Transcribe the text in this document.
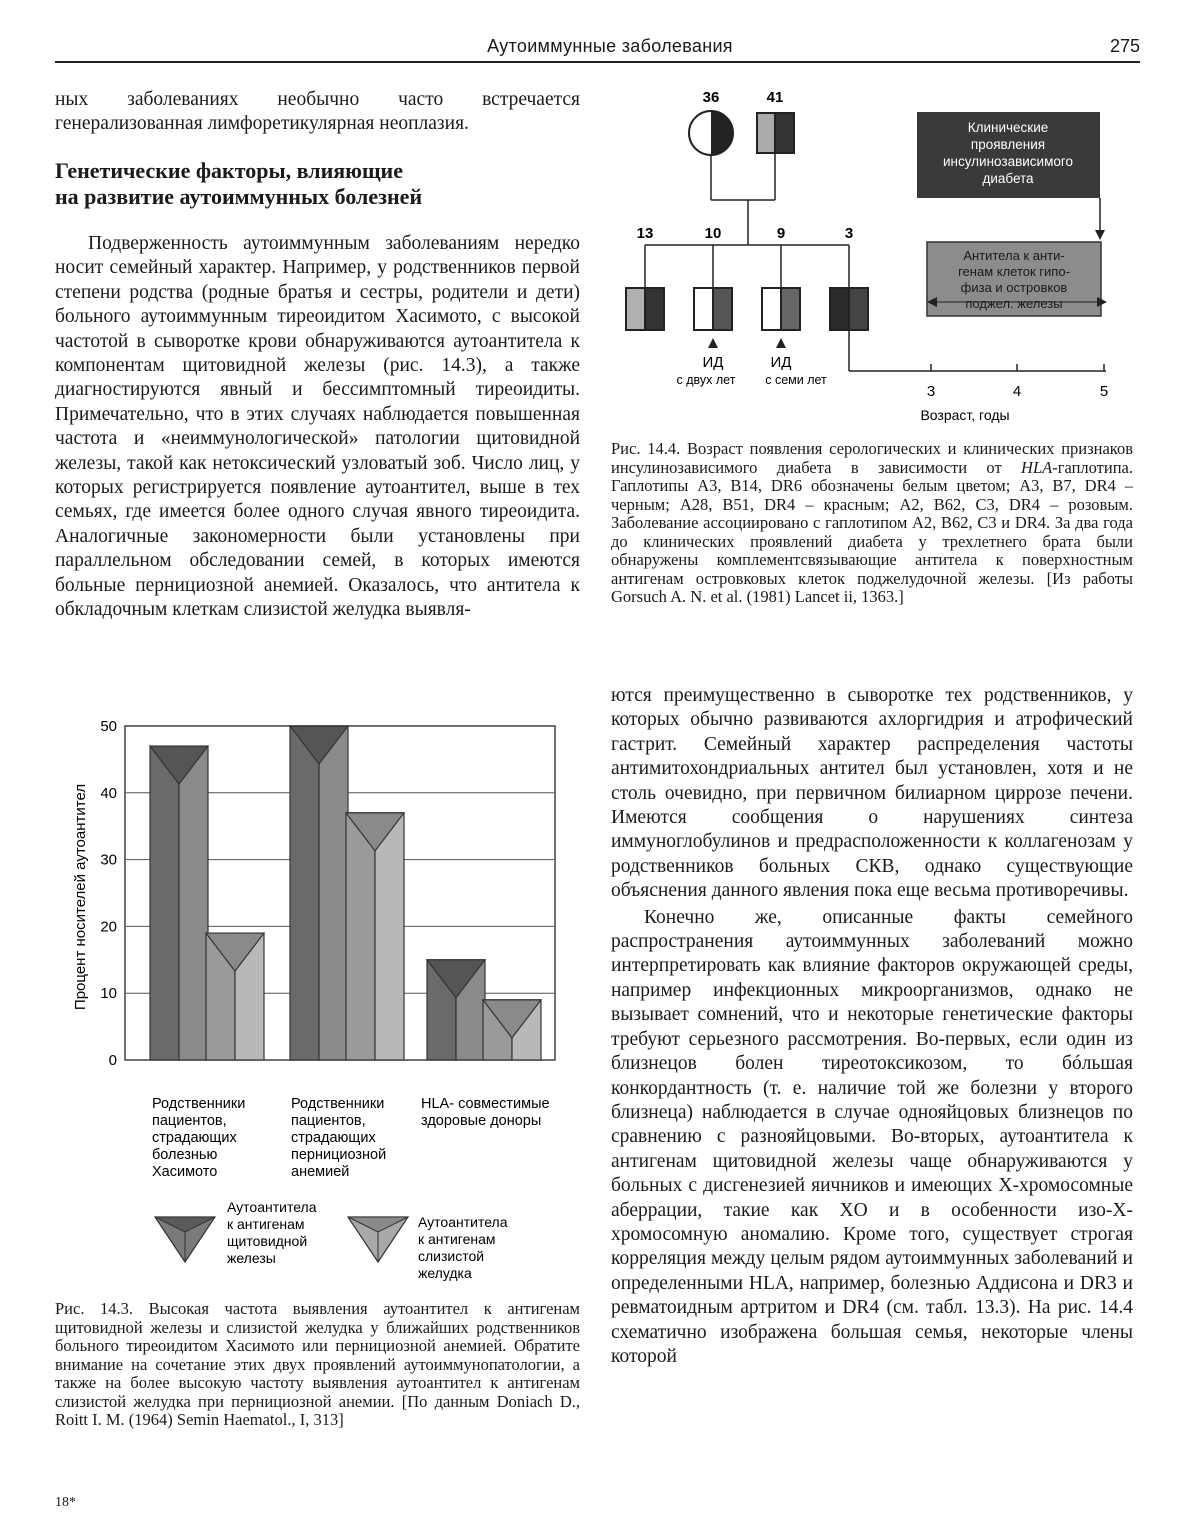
Аутоиммунные заболевания	275

ных заболеваниях необычно часто встречается генерализованная лимфоретикулярная неоплазия.

Генетические факторы, влияющие
на развитие аутоиммунных болезней

Подверженность аутоиммунным заболеваниям нередко носит семейный характер. Например, у родственников первой степени родства (родные братья и сестры, родители и дети) больного аутоиммунным тиреоидитом Хасимото, с высокой частотой в сыворотке крови обнаруживаются аутоантитела к компонентам щитовидной железы (рис. 14.3), а также диагностируются явный и бессимптомный тиреоидиты. Примечательно, что в этих случаях наблюдается повышенная частота и «неиммунологической» патологии щитовидной железы, такой как нетоксический узловатый зоб. Число лиц, у которых регистрируется появление аутоантител, выше в тех семьях, где имеется более одного случая явного тиреоидита. Аналогичные закономерности были установлены при параллельном обследовании семей, в которых имеются больные пернициозной анемией. Оказалось, что антитела к обкладочным клеткам слизистой желудка выявля-

0
10
20
30
40
50
Процент носителей аутоантител
Родственники
пациентов,
страдающих
болезнью
Хасимото
Родственники
пациентов,
страдающих
пернициозной
анемией
HLA- совместимые
здоровые доноры
Аутоантитела
к антигенам
щитовидной
железы
Аутоантитела
к антигенам
слизистой
желудка
Рис. 14.3. Высокая частота выявления аутоантител к антигенам щитовидной железы и слизистой желудка у ближайших родственников больного тиреоидитом Хасимото или пернициозной анемией. Обратите внимание на сочетание этих двух проявлений аутоиммунопатологии, а также на более высокую частоту выявления аутоантител к антигенам слизистой желудка при пернициозной анемии. [По данным Doniach D., Roitt I. M. (1964) Semin Haematol., I, 313]
36	41
13	10	9	3
ИД	ИД
с двух лет с семи лет
3	4	5
Возраст, годы
Клинические
проявления
инсулинозависимого
диабета
Антитела к анти-
генам клеток гипо-
физа и островков
поджел. железы
Рис. 14.4. Возраст появления серологических и клинических признаков инсулинозависимого диабета в зависимости от HLA-гаплотипа. Гаплотипы A3, B14, DR6 обозначены белым цветом; A3, B7, DR4 – черным; A28, B51, DR4 – красным; A2, B62, C3, DR4 – розовым. Заболевание ассоциировано с гаплотипом A2, B62, C3 и DR4. За два года до клинических проявлений диабета у трехлетнего брата были обнаружены комплементсвязывающие антитела к поверхностным антигенам островковых клеток поджелудочной железы. [Из работы Gorsuch A. N. et al. (1981) Lancet ii, 1363.]

ются преимущественно в сыворотке тех родственников, у которых обычно развиваются ахлоргидрия и атрофический гастрит. Семейный характер распределения частоты антимитохондриальных антител был установлен, хотя и не столь очевидно, при первичном билиарном циррозе печени. Имеются сообщения о нарушениях синтеза иммуноглобулинов и предрасположенности к коллагенозам у родственников больных СКВ, однако существующие объяснения данного явления пока еще весьма противоречивы.

Конечно же, описанные факты семейного распространения аутоиммунных заболеваний можно интерпретировать как влияние факторов окружающей среды, например инфекционных микроорганизмов, однако не вызывает сомнений, что и некоторые генетические факторы требуют серьезного рассмотрения. Во-первых, если один из близнецов болен тиреотоксикозом, то бóльшая конкордантность (т. е. наличие той же болезни у второго близнеца) наблюдается в случае однояйцовых близнецов по сравнению с разнояйцовыми. Во-вторых, аутоантитела к антигенам щитовидной железы чаще обнаруживаются у больных с дисгенезией яичников и имеющих X-хромосомные аберрации, такие как XO и в особенности изо-X-хромосомную аномалию. Кроме того, существует строгая корреляция между целым рядом аутоиммунных заболеваний и определенными HLA, например, болезнью Аддисона и DR3 и ревматоидным артритом и DR4 (см. табл. 13.3). На рис. 14.4 схематично изображена большая семья, некоторые члены которой

18*
